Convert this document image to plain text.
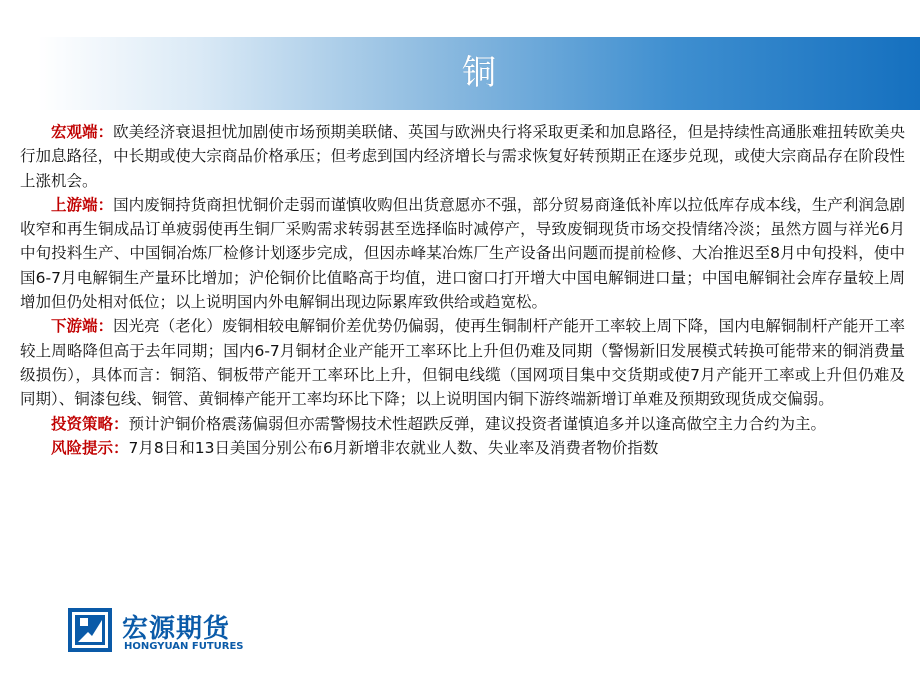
铜

宏观端：欧美经济衰退担忧加剧使市场预期美联储、英国与欧洲央行将采取更柔和加息路径，但是持续性高通胀难扭转欧美央行加息路径，中长期或使大宗商品价格承压；但考虑到国内经济增长与需求恢复好转预期正在逐步兑现，或使大宗商品存在阶段性上涨机会。

上游端：国内废铜持货商担忧铜价走弱而谨慎收购但出货意愿亦不强，部分贸易商逢低补库以拉低库存成本线，生产利润急剧收窄和再生铜成品订单疲弱使再生铜厂采购需求转弱甚至选择临时减停产，导致废铜现货市场交投情绪冷淡；虽然方圆与祥光6月中旬投料生产、中国铜冶炼厂检修计划逐步完成，但因赤峰某冶炼厂生产设备出问题而提前检修、大冶推迟至8月中旬投料，使中国6-7月电解铜生产量环比增加；沪伦铜价比值略高于均值，进口窗口打开增大中国电解铜进口量；中国电解铜社会库存量较上周增加但仍处相对低位；以上说明国内外电解铜出现边际累库致供给或趋宽松。

下游端：因光亮（老化）废铜相较电解铜价差优势仍偏弱，使再生铜制杆产能开工率较上周下降，国内电解铜制杆产能开工率较上周略降但高于去年同期；国内6-7月铜材企业产能开工率环比上升但仍难及同期（警惕新旧发展模式转换可能带来的铜消费量级损伤），具体而言：铜箔、铜板带产能开工率环比上升，但铜电线缆（国网项目集中交货期或使7月产能开工率或上升但仍难及同期）、铜漆包线、铜管、黄铜棒产能开工率均环比下降；以上说明国内铜下游终端新增订单难及预期致现货成交偏弱。

投资策略：预计沪铜价格震荡偏弱但亦需警惕技术性超跌反弹，建议投资者谨慎追多并以逢高做空主力合约为主。

风险提示：7月8日和13日美国分别公布6月新增非农就业人数、失业率及消费者物价指数

宏源期货
HONGYUAN FUTURES
